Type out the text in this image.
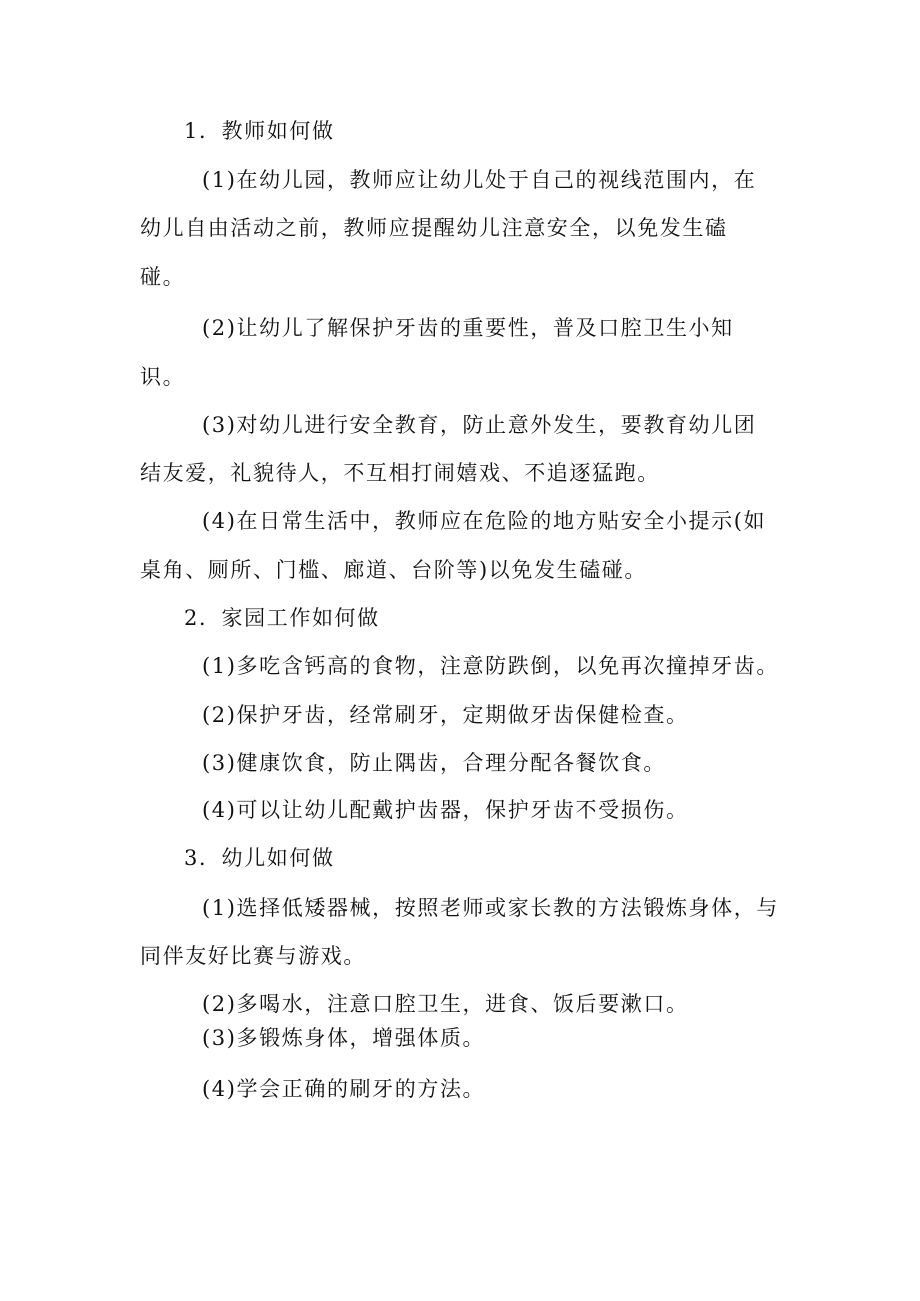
1．教师如何做

(1)在幼儿园，教师应让幼儿处于自己的视线范围内，在

幼儿自由活动之前，教师应提醒幼儿注意安全，以免发生磕

碰。

(2)让幼儿了解保护牙齿的重要性，普及口腔卫生小知

识。

(3)对幼儿进行安全教育，防止意外发生，要教育幼儿团

结友爱，礼貌待人，不互相打闹嬉戏、不追逐猛跑。

(4)在日常生活中，教师应在危险的地方贴安全小提示(如

桌角、厕所、门槛、廊道、台阶等)以免发生磕碰。

2．家园工作如何做

(1)多吃含钙高的食物，注意防跌倒，以免再次撞掉牙齿。

(2)保护牙齿，经常刷牙，定期做牙齿保健检查。

(3)健康饮食，防止隅齿，合理分配各餐饮食。

(4)可以让幼儿配戴护齿器，保护牙齿不受损伤。

3．幼儿如何做

(1)选择低矮器械，按照老师或家长教的方法锻炼身体，与

同伴友好比赛与游戏。

(2)多喝水，注意口腔卫生，进食、饭后要漱口。

(3)多锻炼身体，增强体质。

(4)学会正确的刷牙的方法。
